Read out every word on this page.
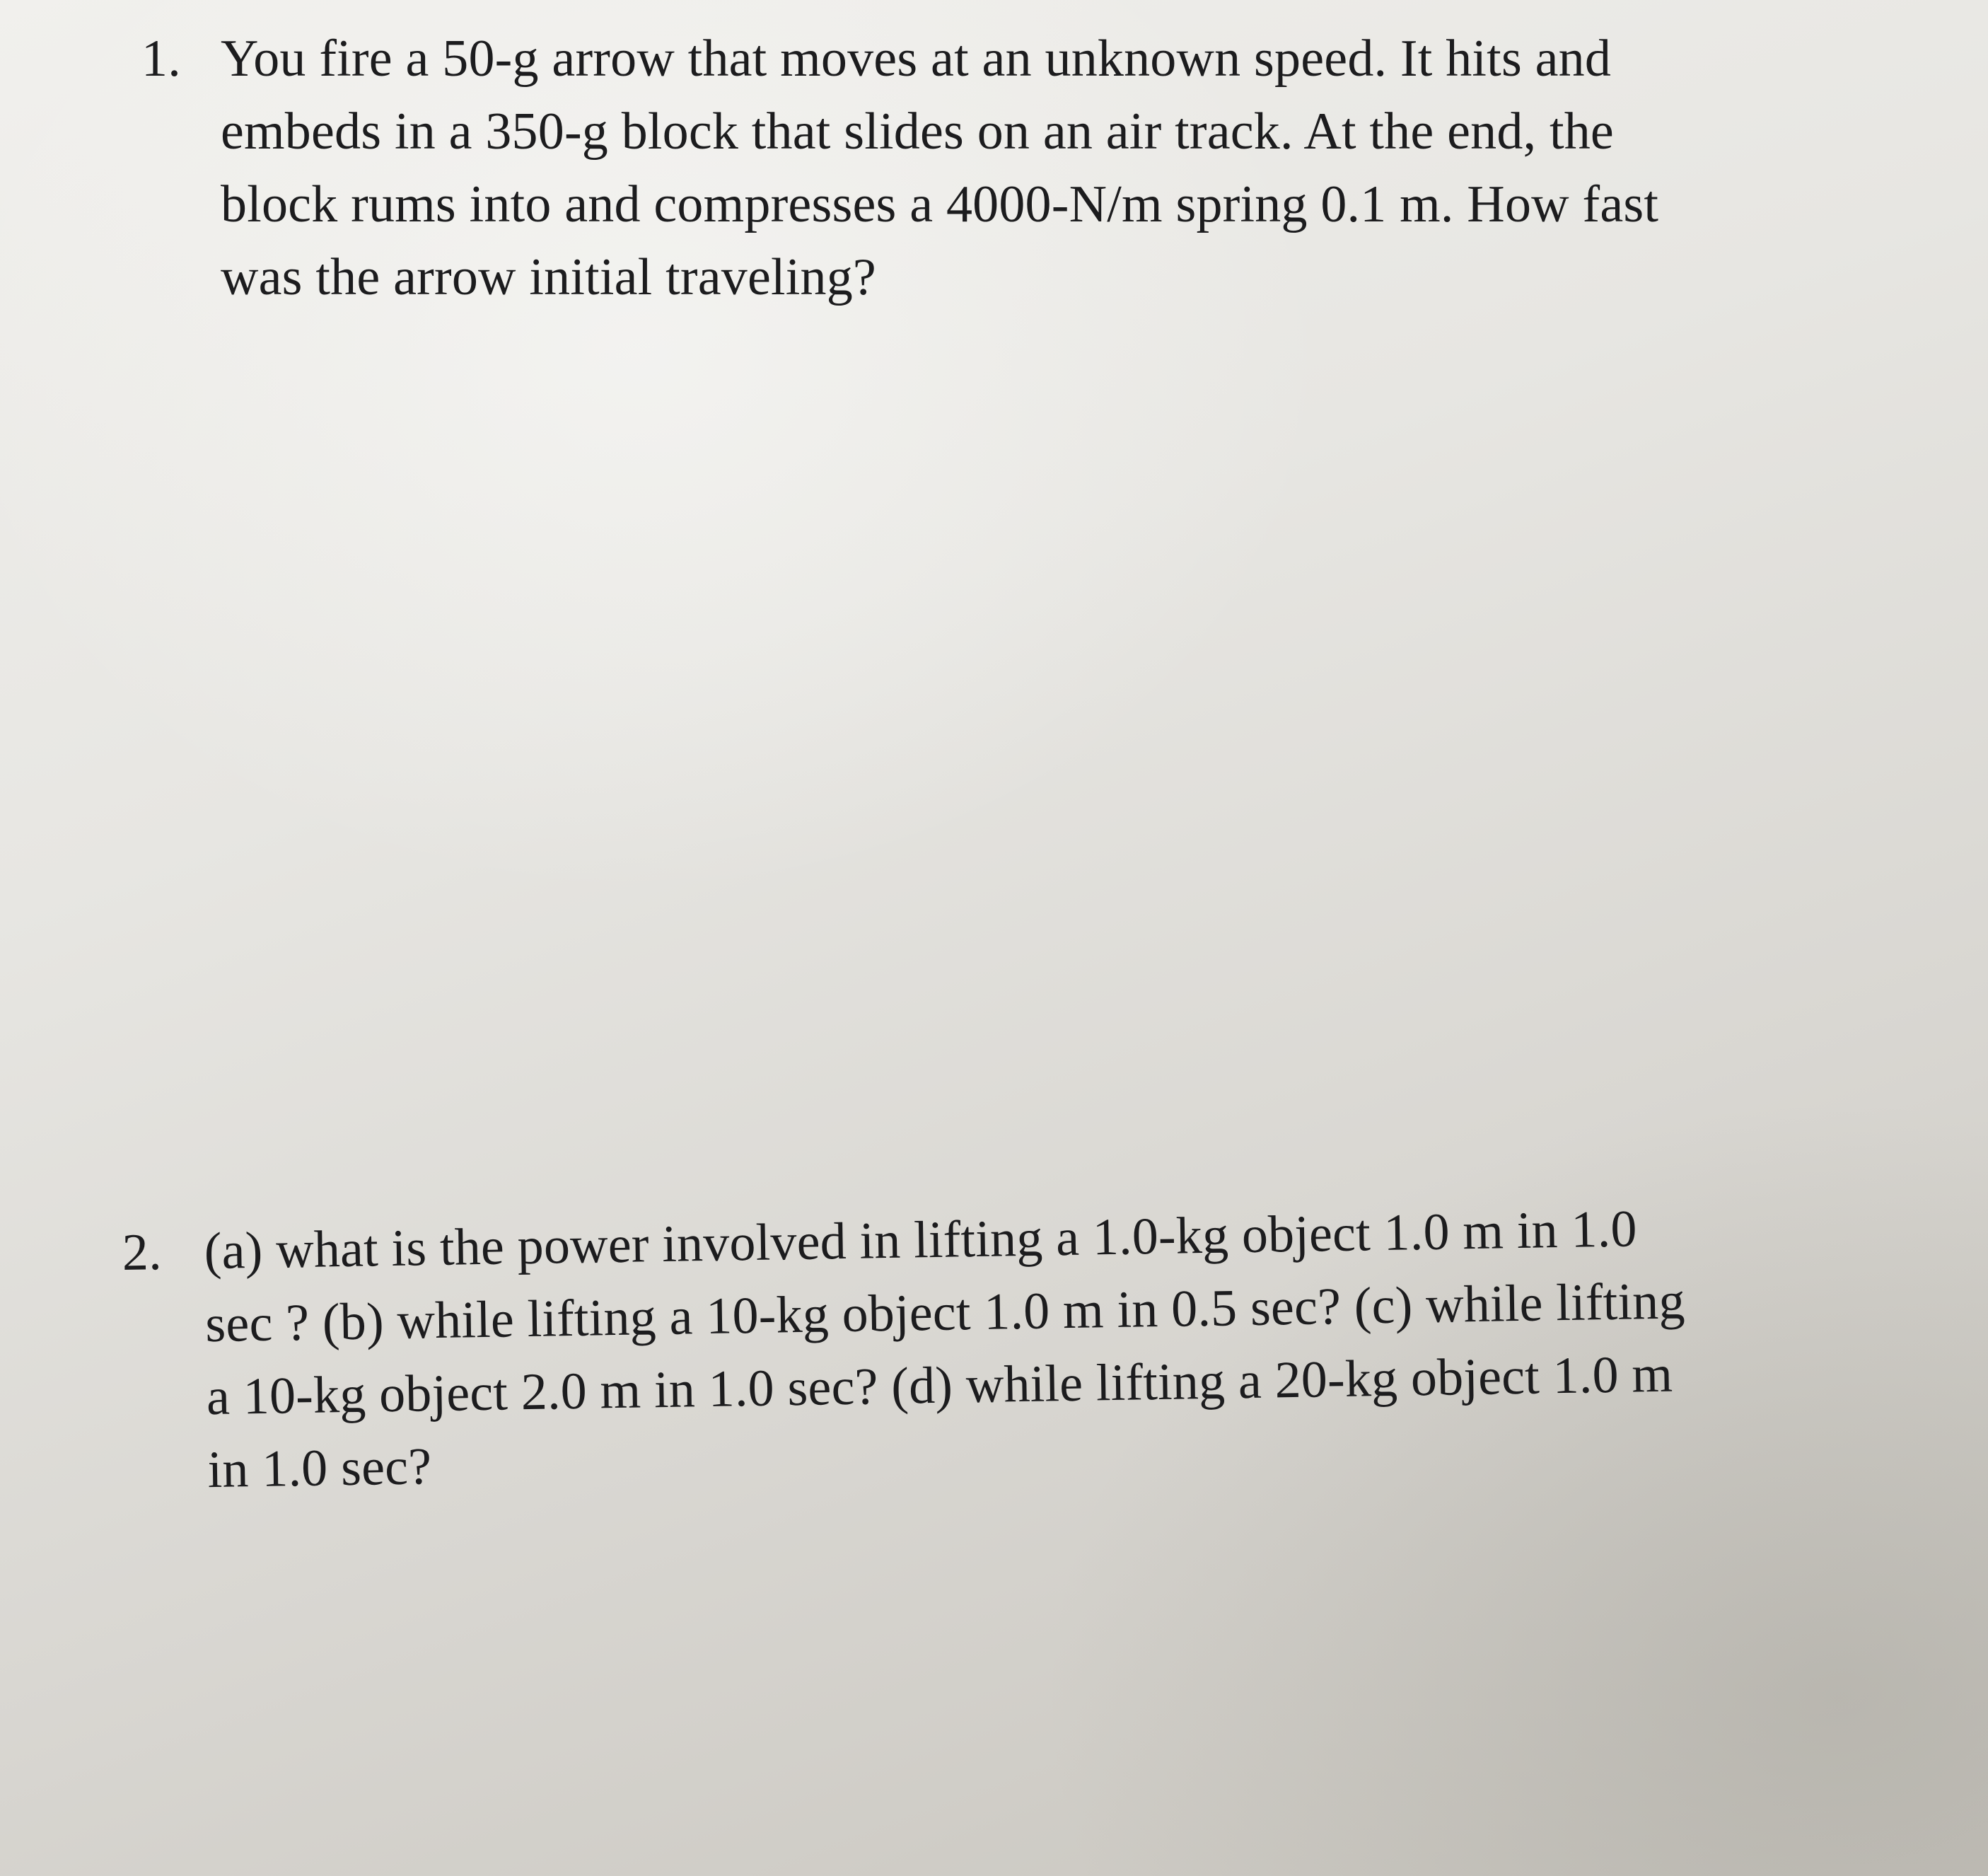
1. You fire a 50-g arrow that moves at an unknown speed. It hits and
embeds in a 350-g block that slides on an air track. At the end, the
block rums into and compresses a 4000-N/m spring 0.1 m. How fast
was the arrow initial traveling?
2. (a) what is the power involved in lifting a 1.0-kg object 1.0 m in 1.0
sec ? (b) while lifting a 10-kg object 1.0 m in 0.5 sec? (c) while lifting
a 10-kg object 2.0 m in 1.0 sec? (d) while lifting a 20-kg object 1.0 m
in 1.0 sec?
